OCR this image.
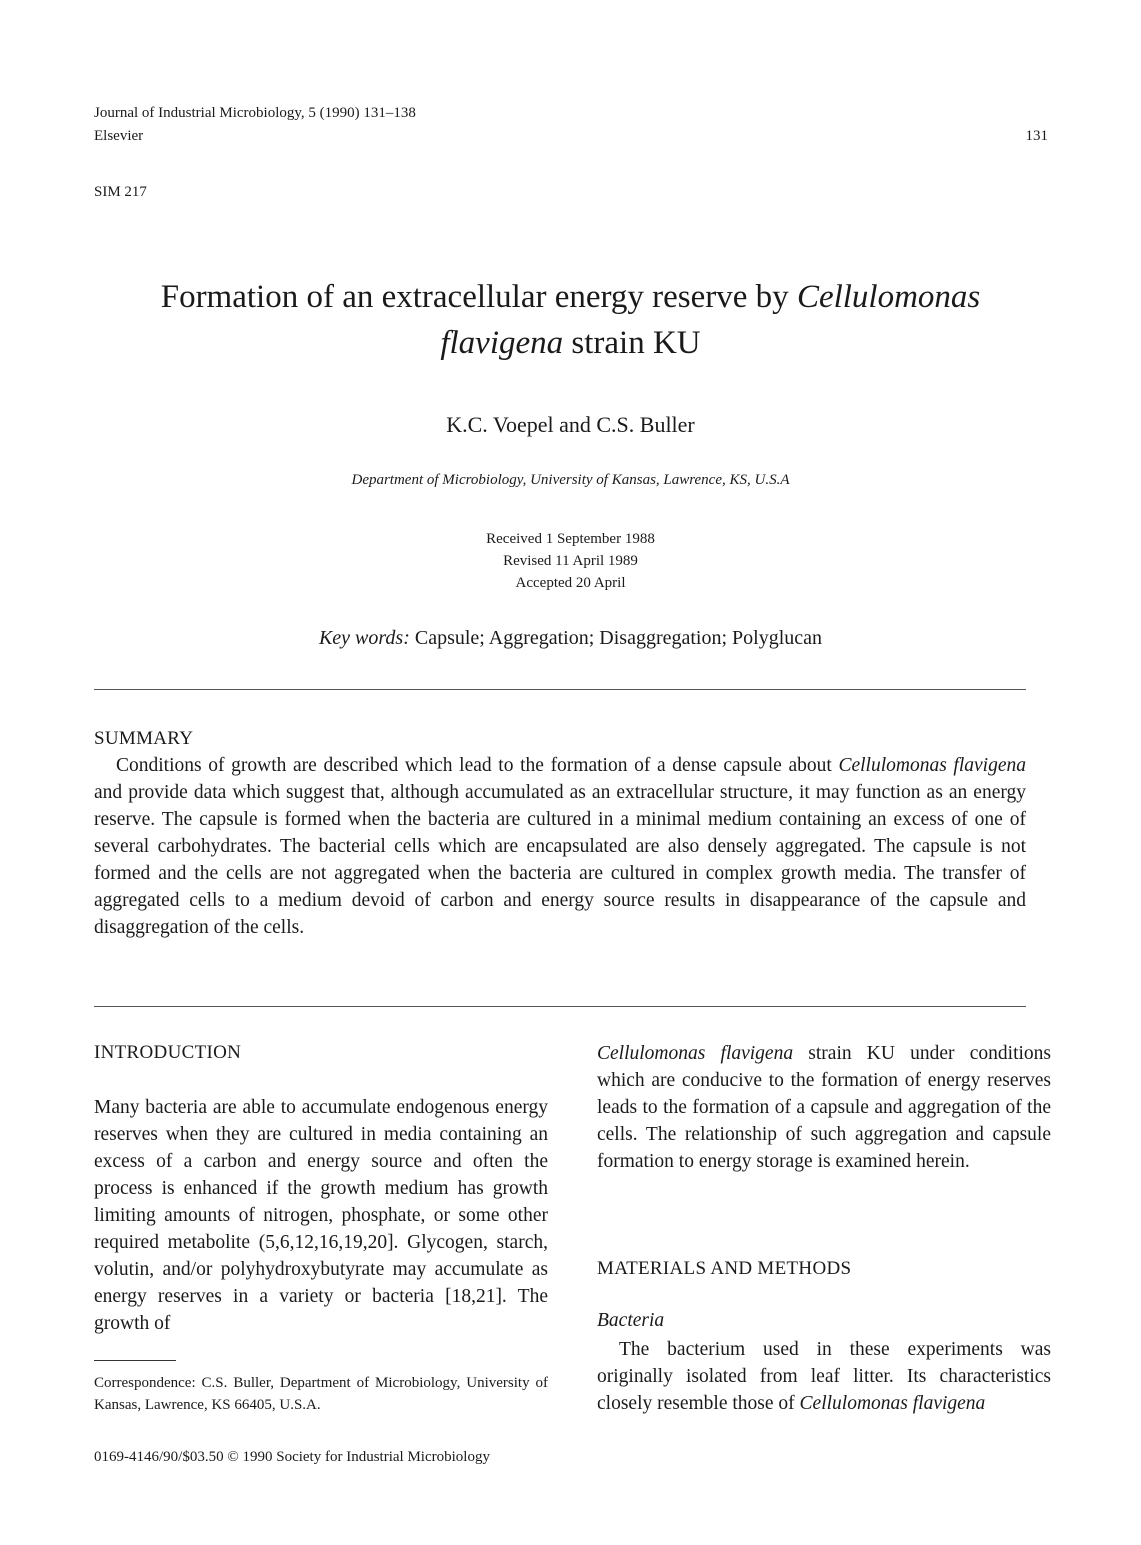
Journal of Industrial Microbiology, 5 (1990) 131–138
Elsevier	131
SIM 217
Formation of an extracellular energy reserve by Cellulomonas
flavigena strain KU
K.C. Voepel and C.S. Buller
Department of Microbiology, University of Kansas, Lawrence, KS, U.S.A
Received 1 September 1988
Revised 11 April 1989
Accepted 20 April
Key words: Capsule; Aggregation; Disaggregation; Polyglucan
SUMMARY
Conditions of growth are described which lead to the formation of a dense capsule about Cellulomonas flavigena and provide data which suggest that, although accumulated as an extracellular structure, it may function as an energy reserve. The capsule is formed when the bacteria are cultured in a minimal medium containing an excess of one of several carbohydrates. The bacterial cells which are encapsulated are also densely aggregated. The capsule is not formed and the cells are not aggregated when the bacteria are cultured in complex growth media. The transfer of aggregated cells to a medium devoid of carbon and energy source results in disappearance of the capsule and disaggregation of the cells.
INTRODUCTION
Many bacteria are able to accumulate endogenous energy reserves when they are cultured in media containing an excess of a carbon and energy source and often the process is enhanced if the growth medium has growth limiting amounts of nitrogen, phosphate, or some other required metabolite (5,6,12,16,19,20]. Glycogen, starch, volutin, and/or polyhydroxybutyrate may accumulate as energy reserves in a variety or bacteria [18,21]. The growth of
Correspondence: C.S. Buller, Department of Microbiology, University of Kansas, Lawrence, KS 66405, U.S.A.
0169-4146/90/$03.50 © 1990 Society for Industrial Microbiology
Cellulomonas flavigena strain KU under conditions which are conducive to the formation of energy reserves leads to the formation of a capsule and aggregation of the cells. The relationship of such aggregation and capsule formation to energy storage is examined herein.
MATERIALS AND METHODS
Bacteria
The bacterium used in these experiments was originally isolated from leaf litter. Its characteristics closely resemble those of Cellulomonas flavigena
